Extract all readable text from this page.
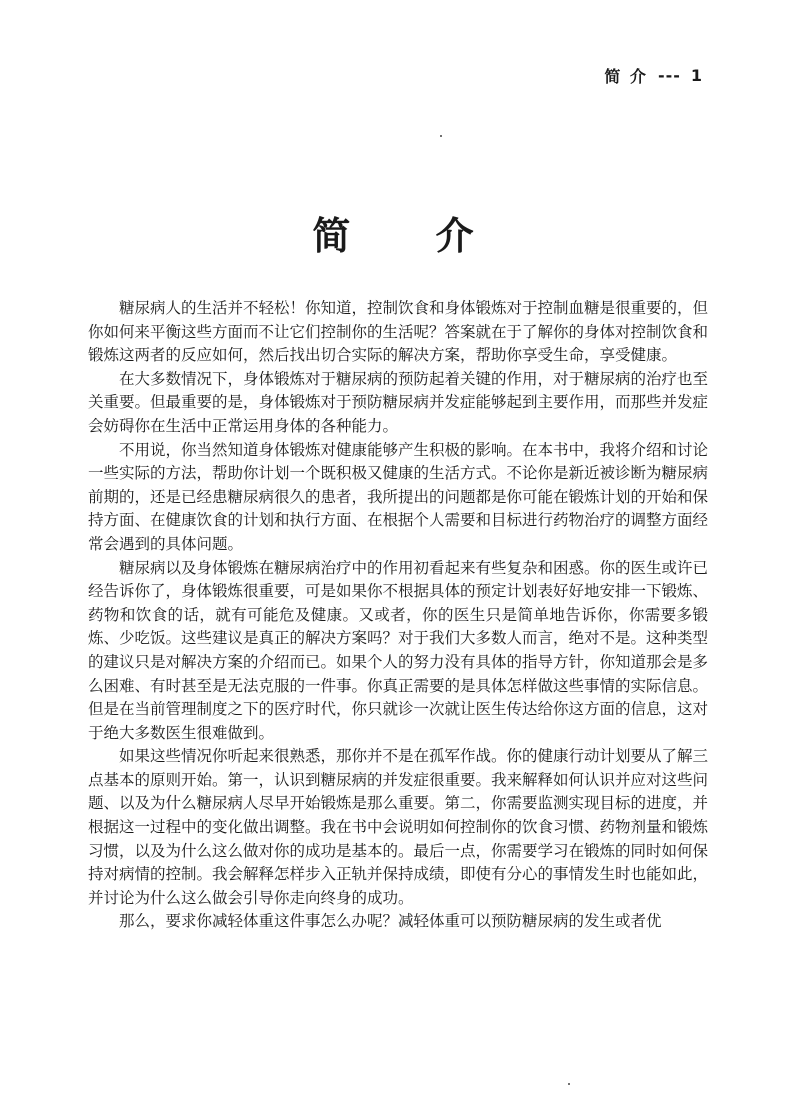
简 介 --- 1
简 介

糖尿病人的生活并不轻松！你知道，控制饮食和身体锻炼对于控制血糖是很重要的，但你如何来平衡这些方面而不让它们控制你的生活呢？答案就在于了解你的身体对控制饮食和锻炼这两者的反应如何，然后找出切合实际的解决方案，帮助你享受生命，享受健康。

在大多数情况下，身体锻炼对于糖尿病的预防起着关键的作用，对于糖尿病的治疗也至关重要。但最重要的是，身体锻炼对于预防糖尿病并发症能够起到主要作用，而那些并发症会妨碍你在生活中正常运用身体的各种能力。

不用说，你当然知道身体锻炼对健康能够产生积极的影响。在本书中，我将介绍和讨论一些实际的方法，帮助你计划一个既积极又健康的生活方式。不论你是新近被诊断为糖尿病前期的，还是已经患糖尿病很久的患者，我所提出的问题都是你可能在锻炼计划的开始和保持方面、在健康饮食的计划和执行方面、在根据个人需要和目标进行药物治疗的调整方面经常会遇到的具体问题。

糖尿病以及身体锻炼在糖尿病治疗中的作用初看起来有些复杂和困惑。你的医生或许已经告诉你了，身体锻炼很重要，可是如果你不根据具体的预定计划表好好地安排一下锻炼、药物和饮食的话，就有可能危及健康。又或者，你的医生只是简单地告诉你，你需要多锻炼、少吃饭。这些建议是真正的解决方案吗？对于我们大多数人而言，绝对不是。这种类型的建议只是对解决方案的介绍而已。如果个人的努力没有具体的指导方针，你知道那会是多么困难、有时甚至是无法克服的一件事。你真正需要的是具体怎样做这些事情的实际信息。但是在当前管理制度之下的医疗时代，你只就诊一次就让医生传达给你这方面的信息，这对于绝大多数医生很难做到。

如果这些情况你听起来很熟悉，那你并不是在孤军作战。你的健康行动计划要从了解三点基本的原则开始。第一，认识到糖尿病的并发症很重要。我来解释如何认识并应对这些问题、以及为什么糖尿病人尽早开始锻炼是那么重要。第二，你需要监测实现目标的进度，并根据这一过程中的变化做出调整。我在书中会说明如何控制你的饮食习惯、药物剂量和锻炼习惯，以及为什么这么做对你的成功是基本的。最后一点，你需要学习在锻炼的同时如何保持对病情的控制。我会解释怎样步入正轨并保持成绩，即使有分心的事情发生时也能如此，并讨论为什么这么做会引导你走向终身的成功。

那么，要求你减轻体重这件事怎么办呢？减轻体重可以预防糖尿病的发生或者优
